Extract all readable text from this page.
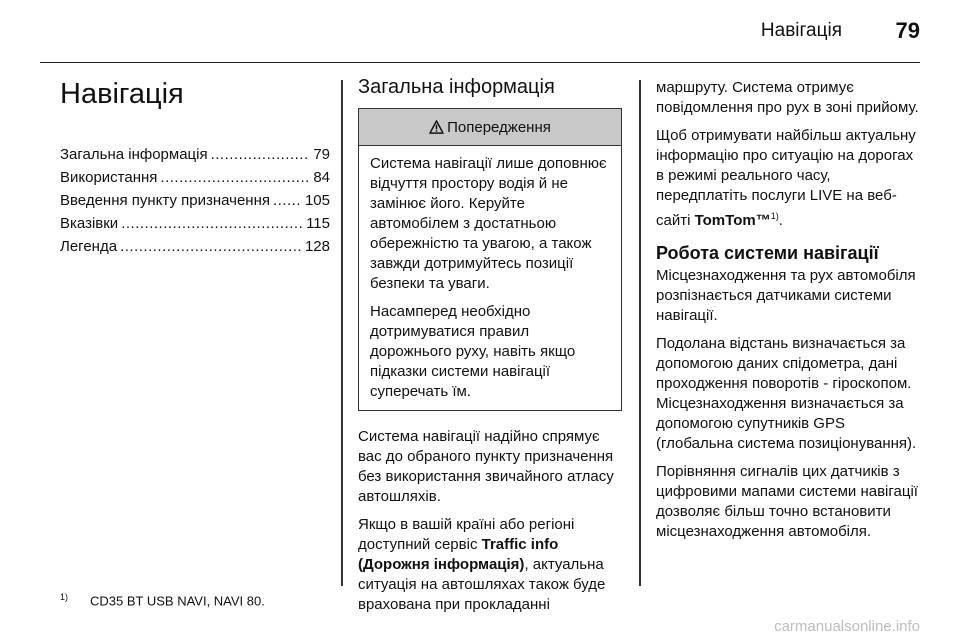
Навігація 79
Навігація
Загальна інформація .....	79
Використання .....	84
Введення пункту призначення ..... 105
Вказівки .....	115
Легенда .....	128
Загальна інформація
Попередження

Система навігації лише доповнює відчуття простору водія й не замінює його. Керуйте автомобілем з достатньою обережністю та увагою, а також завжди дотримуйтесь позиції безпеки та уваги.

Насамперед необхідно дотримуватися правил дорожнього руху, навіть якщо підказки системи навігації суперечать їм.

Система навігації надійно спрямує вас до обраного пункту призначення без використання звичайного атласу автошляхів.

Якщо в вашій країні або регіоні доступний сервіс Traffic info (Дорожня інформація), актуальна ситуація на автошляхах також буде врахована при прокладанні

маршруту. Система отримує повідомлення про рух в зоні прийому.

Щоб отримувати найбільш актуальну інформацію про ситуацію на дорогах в режимі реального часу, передплатіть послуги LIVE на веб-сайті TomTom™$^{1)}$.

Робота системи навігації

Місцезнаходження та рух автомобіля розпізнається датчиками системи навігації.

Подолана відстань визначається за допомогою даних спідометра, дані проходження поворотів - гіроскопом. Місцезнаходження визначається за допомогою супутників GPS (глобальна система позиціонування).

Порівняння сигналів цих датчиків з цифровими мапами системи навігації дозволяє більш точно встановити місцезнаходження автомобіля.

$^{1)}$ CD35 BT USB NAVI, NAVI 80.
carmanualsonline.info
